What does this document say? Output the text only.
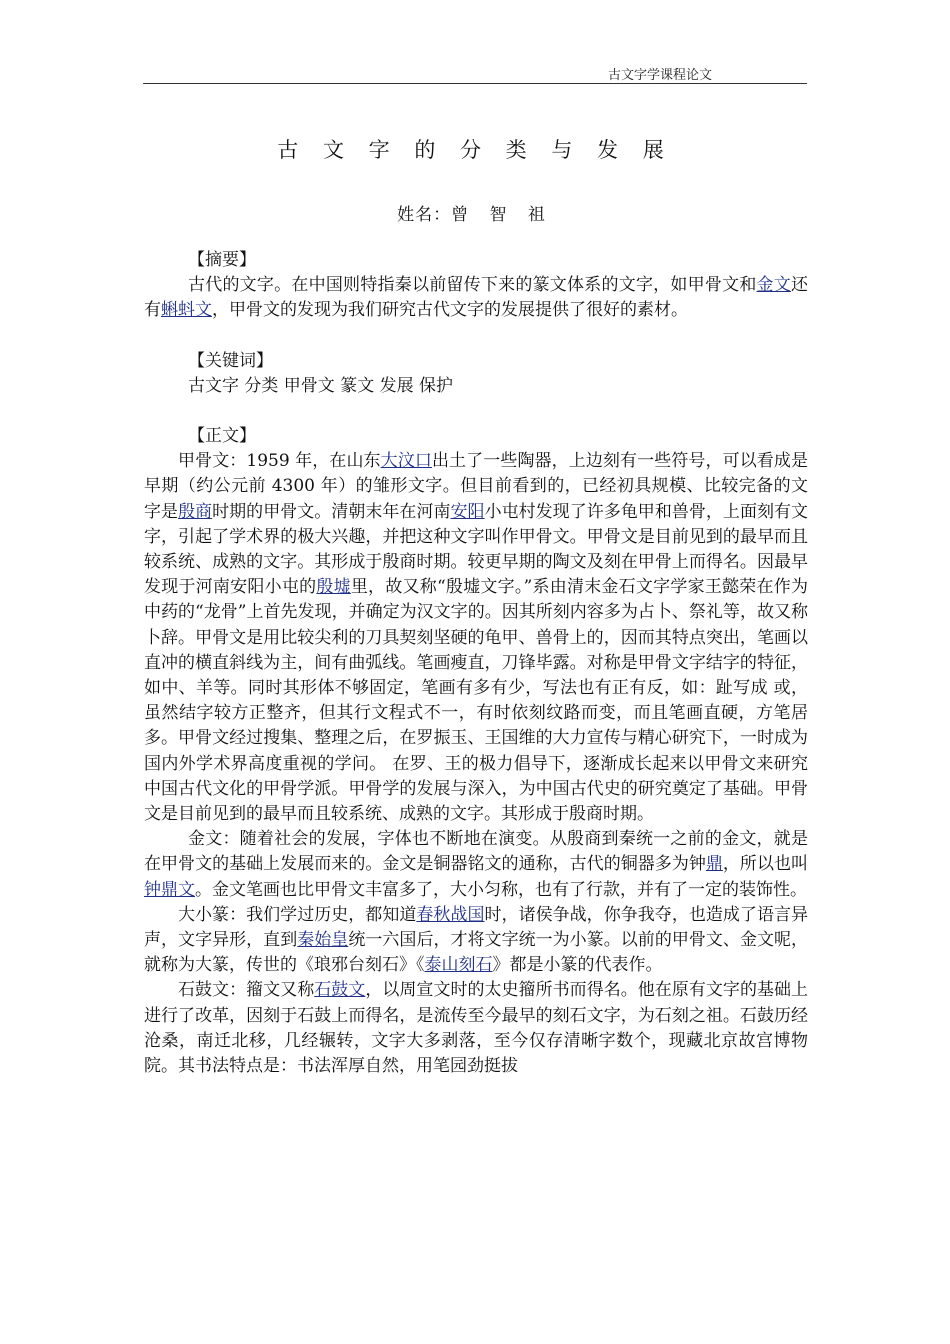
古文字学课程论文
古 文 字 的 分 类 与 发 展
姓名：曾 智 祖
【摘要】
古代的文字。在中国则特指秦以前留传下来的篆文体系的文字，如甲骨文和金文还有蝌蚪文，甲骨文的发现为我们研究古代文字的发展提供了很好的素材。
【关键词】
古文字 分类 甲骨文 篆文 发展 保护
【正文】
甲骨文：1959 年，在山东大汶口出土了一些陶器，上边刻有一些符号，可以看成是早期（约公元前 4300 年）的雏形文字。但目前看到的，已经初具规模、比较完备的文字是殷商时期的甲骨文。清朝末年在河南安阳小屯村发现了许多龟甲和兽骨，上面刻有文字，引起了学术界的极大兴趣，并把这种文字叫作甲骨文。甲骨文是目前见到的最早而且较系统、成熟的文字。其形成于殷商时期。较更早期的陶文及刻在甲骨上而得名。因最早发现于河南安阳小屯的殷墟里，故又称“殷墟文字。”系由清末金石文字学家王懿荣在作为中药的“龙骨”上首先发现，并确定为汉文字的。因其所刻内容多为占卜、祭礼等，故又称卜辞。甲骨文是用比较尖利的刀具契刻坚硬的龟甲、兽骨上的，因而其特点突出，笔画以直冲的横直斜线为主，间有曲弧线。笔画瘦直，刀锋毕露。对称是甲骨文字结字的特征，如中、羊等。同时其形体不够固定，笔画有多有少，写法也有正有反，如：趾写成 或，虽然结字较方正整齐，但其行文程式不一，有时依刻纹路而变，而且笔画直硬，方笔居多。甲骨文经过搜集、整理之后，在罗振玉、王国维的大力宣传与精心研究下，一时成为国内外学术界高度重视的学问。 在罗、王的极力倡导下，逐渐成长起来以甲骨文来研究中国古代文化的甲骨学派。甲骨学的发展与深入，为中国古代史的研究奠定了基础。甲骨文是目前见到的最早而且较系统、成熟的文字。其形成于殷商时期。
金文：随着社会的发展，字体也不断地在演变。从殷商到秦统一之前的金文，就是在甲骨文的基础上发展而来的。金文是铜器铭文的通称，古代的铜器多为钟鼎，所以也叫钟鼎文。金文笔画也比甲骨文丰富多了，大小匀称，也有了行款，并有了一定的装饰性。
大小篆：我们学过历史，都知道春秋战国时，诸侯争战，你争我夺，也造成了语言异声，文字异形，直到秦始皇统一六国后，才将文字统一为小篆。以前的甲骨文、金文呢，就称为大篆，传世的《琅邪台刻石》《泰山刻石》都是小篆的代表作。
石鼓文：籀文又称石鼓文，以周宣文时的太史籀所书而得名。他在原有文字的基础上进行了改革，因刻于石鼓上而得名，是流传至今最早的刻石文字，为石刻之祖。石鼓历经沧桑，南迁北移，几经辗转，文字大多剥落，至今仅存清晰字数个，现藏北京故宫博物院。其书法特点是：书法浑厚自然，用笔园劲挺拔
